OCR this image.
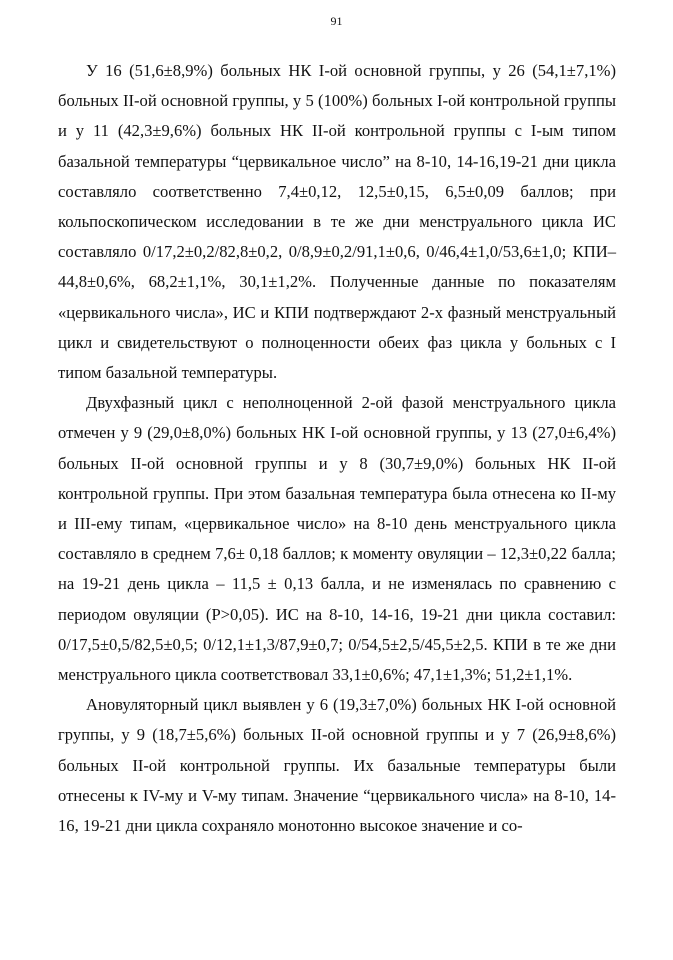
91

У 16 (51,6±8,9%) больных НК I-ой основной группы, у 26 (54,1±7,1%) больных II-ой основной группы, у 5 (100%) больных I-ой контрольной группы и у 11 (42,3±9,6%) больных НК II-ой контрольной группы с I-ым типом базальной температуры “цервикальное число” на 8-10, 14-16,19-21 дни цикла составляло соответственно 7,4±0,12, 12,5±0,15, 6,5±0,09 баллов; при кольпоскопическом исследовании в те же дни менструального цикла ИС составляло 0/17,2±0,2/82,8±0,2, 0/8,9±0,2/91,1±0,6, 0/46,4±1,0/53,6±1,0; КПИ–44,8±0,6%, 68,2±1,1%, 30,1±1,2%. Полученные данные по показателям «цервикального числа», ИС и КПИ подтверждают 2-х фазный менструальный цикл и свидетельствуют о полноценности обеих фаз цикла у больных с I типом базальной температуры.

Двухфазный цикл с неполноценной 2-ой фазой менструального цикла отмечен у 9 (29,0±8,0%) больных НК I-ой основной группы, у 13 (27,0±6,4%) больных II-ой основной группы и у 8 (30,7±9,0%) больных НК II-ой контрольной группы. При этом базальная температура была отнесена ко II-му и III-ему типам, «цервикальное число» на 8-10 день менструального цикла составляло в среднем 7,6± 0,18 баллов; к моменту овуляции – 12,3±0,22 балла; на 19-21 день цикла – 11,5 ± 0,13 балла, и не изменялась по сравнению с периодом овуляции (P>0,05). ИС на 8-10, 14-16, 19-21 дни цикла составил: 0/17,5±0,5/82,5±0,5; 0/12,1±1,3/87,9±0,7; 0/54,5±2,5/45,5±2,5. КПИ в те же дни менструального цикла соответствовал 33,1±0,6%; 47,1±1,3%; 51,2±1,1%.

Ановуляторный цикл выявлен у 6 (19,3±7,0%) больных НК I-ой основной группы, у 9 (18,7±5,6%) больных II-ой основной группы и у 7 (26,9±8,6%) больных II-ой контрольной группы. Их базальные температуры были отнесены к IV-му и V-му типам. Значение “цервикального числа» на 8-10, 14-16, 19-21 дни цикла сохраняло монотонно высокое значение и со-
